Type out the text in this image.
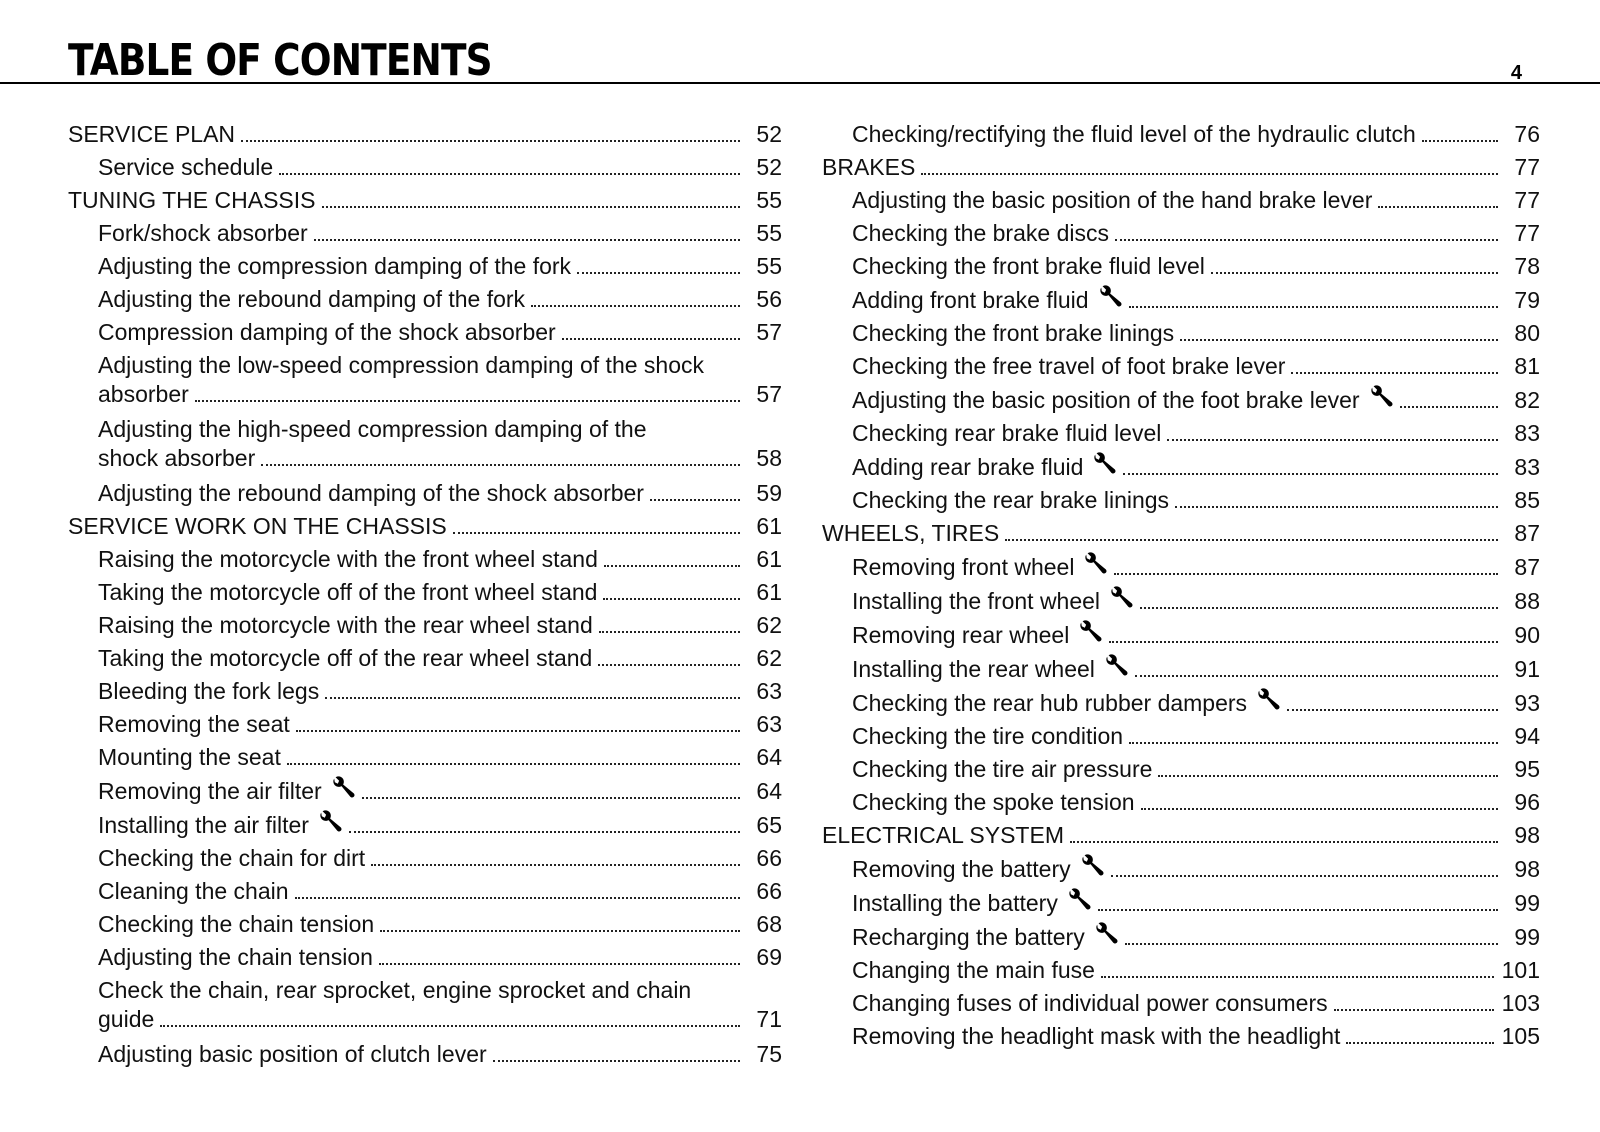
TABLE OF CONTENTS	4
SERVICE PLAN	52
Service schedule	52
TUNING THE CHASSIS	55
Fork/shock absorber	55
Adjusting the compression damping of the fork	55
Adjusting the rebound damping of the fork	56
Compression damping of the shock absorber	57
Adjusting the low-speed compression damping of the shock
absorber	57
Adjusting the high-speed compression damping of the
shock absorber	58
Adjusting the rebound damping of the shock absorber	59
SERVICE WORK ON THE CHASSIS	61
Raising the motorcycle with the front wheel stand	61
Taking the motorcycle off of the front wheel stand	61
Raising the motorcycle with the rear wheel stand	62
Taking the motorcycle off of the rear wheel stand	62
Bleeding the fork legs	63
Removing the seat	63
Mounting the seat	64
Removing the air filter	64
Installing the air filter	65
Checking the chain for dirt	66
Cleaning the chain	66
Checking the chain tension	68
Adjusting the chain tension	69
Check the chain, rear sprocket, engine sprocket and chain
guide	71
Adjusting basic position of clutch lever	75
Checking/rectifying the fluid level of the hydraulic clutch	76
BRAKES	77
Adjusting the basic position of the hand brake lever	77
Checking the brake discs	77
Checking the front brake fluid level	78
Adding front brake fluid	79
Checking the front brake linings	80
Checking the free travel of foot brake lever	81
Adjusting the basic position of the foot brake lever	82
Checking rear brake fluid level	83
Adding rear brake fluid	83
Checking the rear brake linings	85
WHEELS, TIRES	87
Removing front wheel	87
Installing the front wheel	88
Removing rear wheel	90
Installing the rear wheel	91
Checking the rear hub rubber dampers	93
Checking the tire condition	94
Checking the tire air pressure	95
Checking the spoke tension	96
ELECTRICAL SYSTEM	98
Removing the battery	98
Installing the battery	99
Recharging the battery	99
Changing the main fuse	101
Changing fuses of individual power consumers	103
Removing the headlight mask with the headlight	105
